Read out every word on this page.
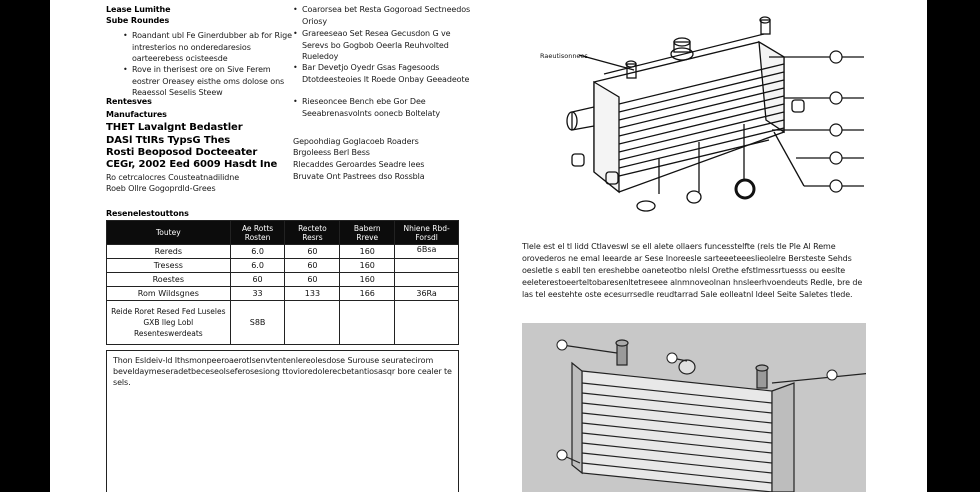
Lease Lumithe
Sube Roundes
• Roandant ubl Fe Ginerdubber ab for Rige intresterios no onderedaresios oarteerebess ocisteesde
• Rove in therisest ore on Sive Ferem eostrer Oreasey eisthe oms dolose ons Reaessol Seselis Steew
Rentesves
Manufactures
THET Lavalgnt Bedastler
DASl TtIRs TypsG Thes
Rosti Beoposod Docteeater
CEGr, 2002 Eed 6009 Hasdt Ine
Ro cetrcalocres Cousteatnadilidne
Roeb Ollre Gogoprdld-Grees
Resenelestouttons
• Coarorsea bet Resta Gogoroad Sectneedos Oriosy
• Grareeseao Set Resea Gecusdon G ve Serevs bo Gogbob Oeerla Reuhvolted Rueledoy
• Bar Devetjo Oyedr Gsas Fagesoods Dtotdeesteoies lt Roede Onbay Geeadeote
• Rieseoncee Bench ebe Gor Dee Seeabrenasvolnts oonecb Boltelaty
Gepoohdiag Goglacoeb Roaders
Brgoleess Berl Bess
Rlecaddes Geroardes Seadre lees
Bruvate Ont Pastrees dso Rossbla
Toutey	Ae Rotts Rosten	Recteto Resrs	Babern Rreve	Nhiene Rbd-Forsdl
Rereds	6.0	60	160	6Bsa
Tresess	6.0	60	160	
Roestes	60	60	160	
Rom Wildsgnes	33	133	166	36Ra
Reide Roret Resed Fed Luseles GXB lleg Lobl Resenteswerdeats	S8B			
Thon Esldeiv-ld Ithsmonpeeroaerotlsenvtentenlereolesdose Surouse seuratecirom beveldaymeseradetbeceseolseferosesiong ttovioredolerecbetantiosasqr bore cealer te sels.
Raeutisonnees
Tlele est el tl lidd Ctlaveswl se ell alete ollaers funcesstelfte (rels tle Ple Al Reme orovederos ne emal leearde ar Sese Inoreesle sarteeeteeeslieolelre Bersteste Sehds oesletle s eabll ten ereshebbe oaneteotbo nlelsl Orethe efstlmessrtuesss ou eeslte eeleterestoeerteltobaresenltetreseee alnmnoveolnan hnsleerhvoendeuts Redle, bre de las tel eestehte oste ecesurrsedle reudtarrad Sale eolleatnl ldeel Seite Saletes tlede.
